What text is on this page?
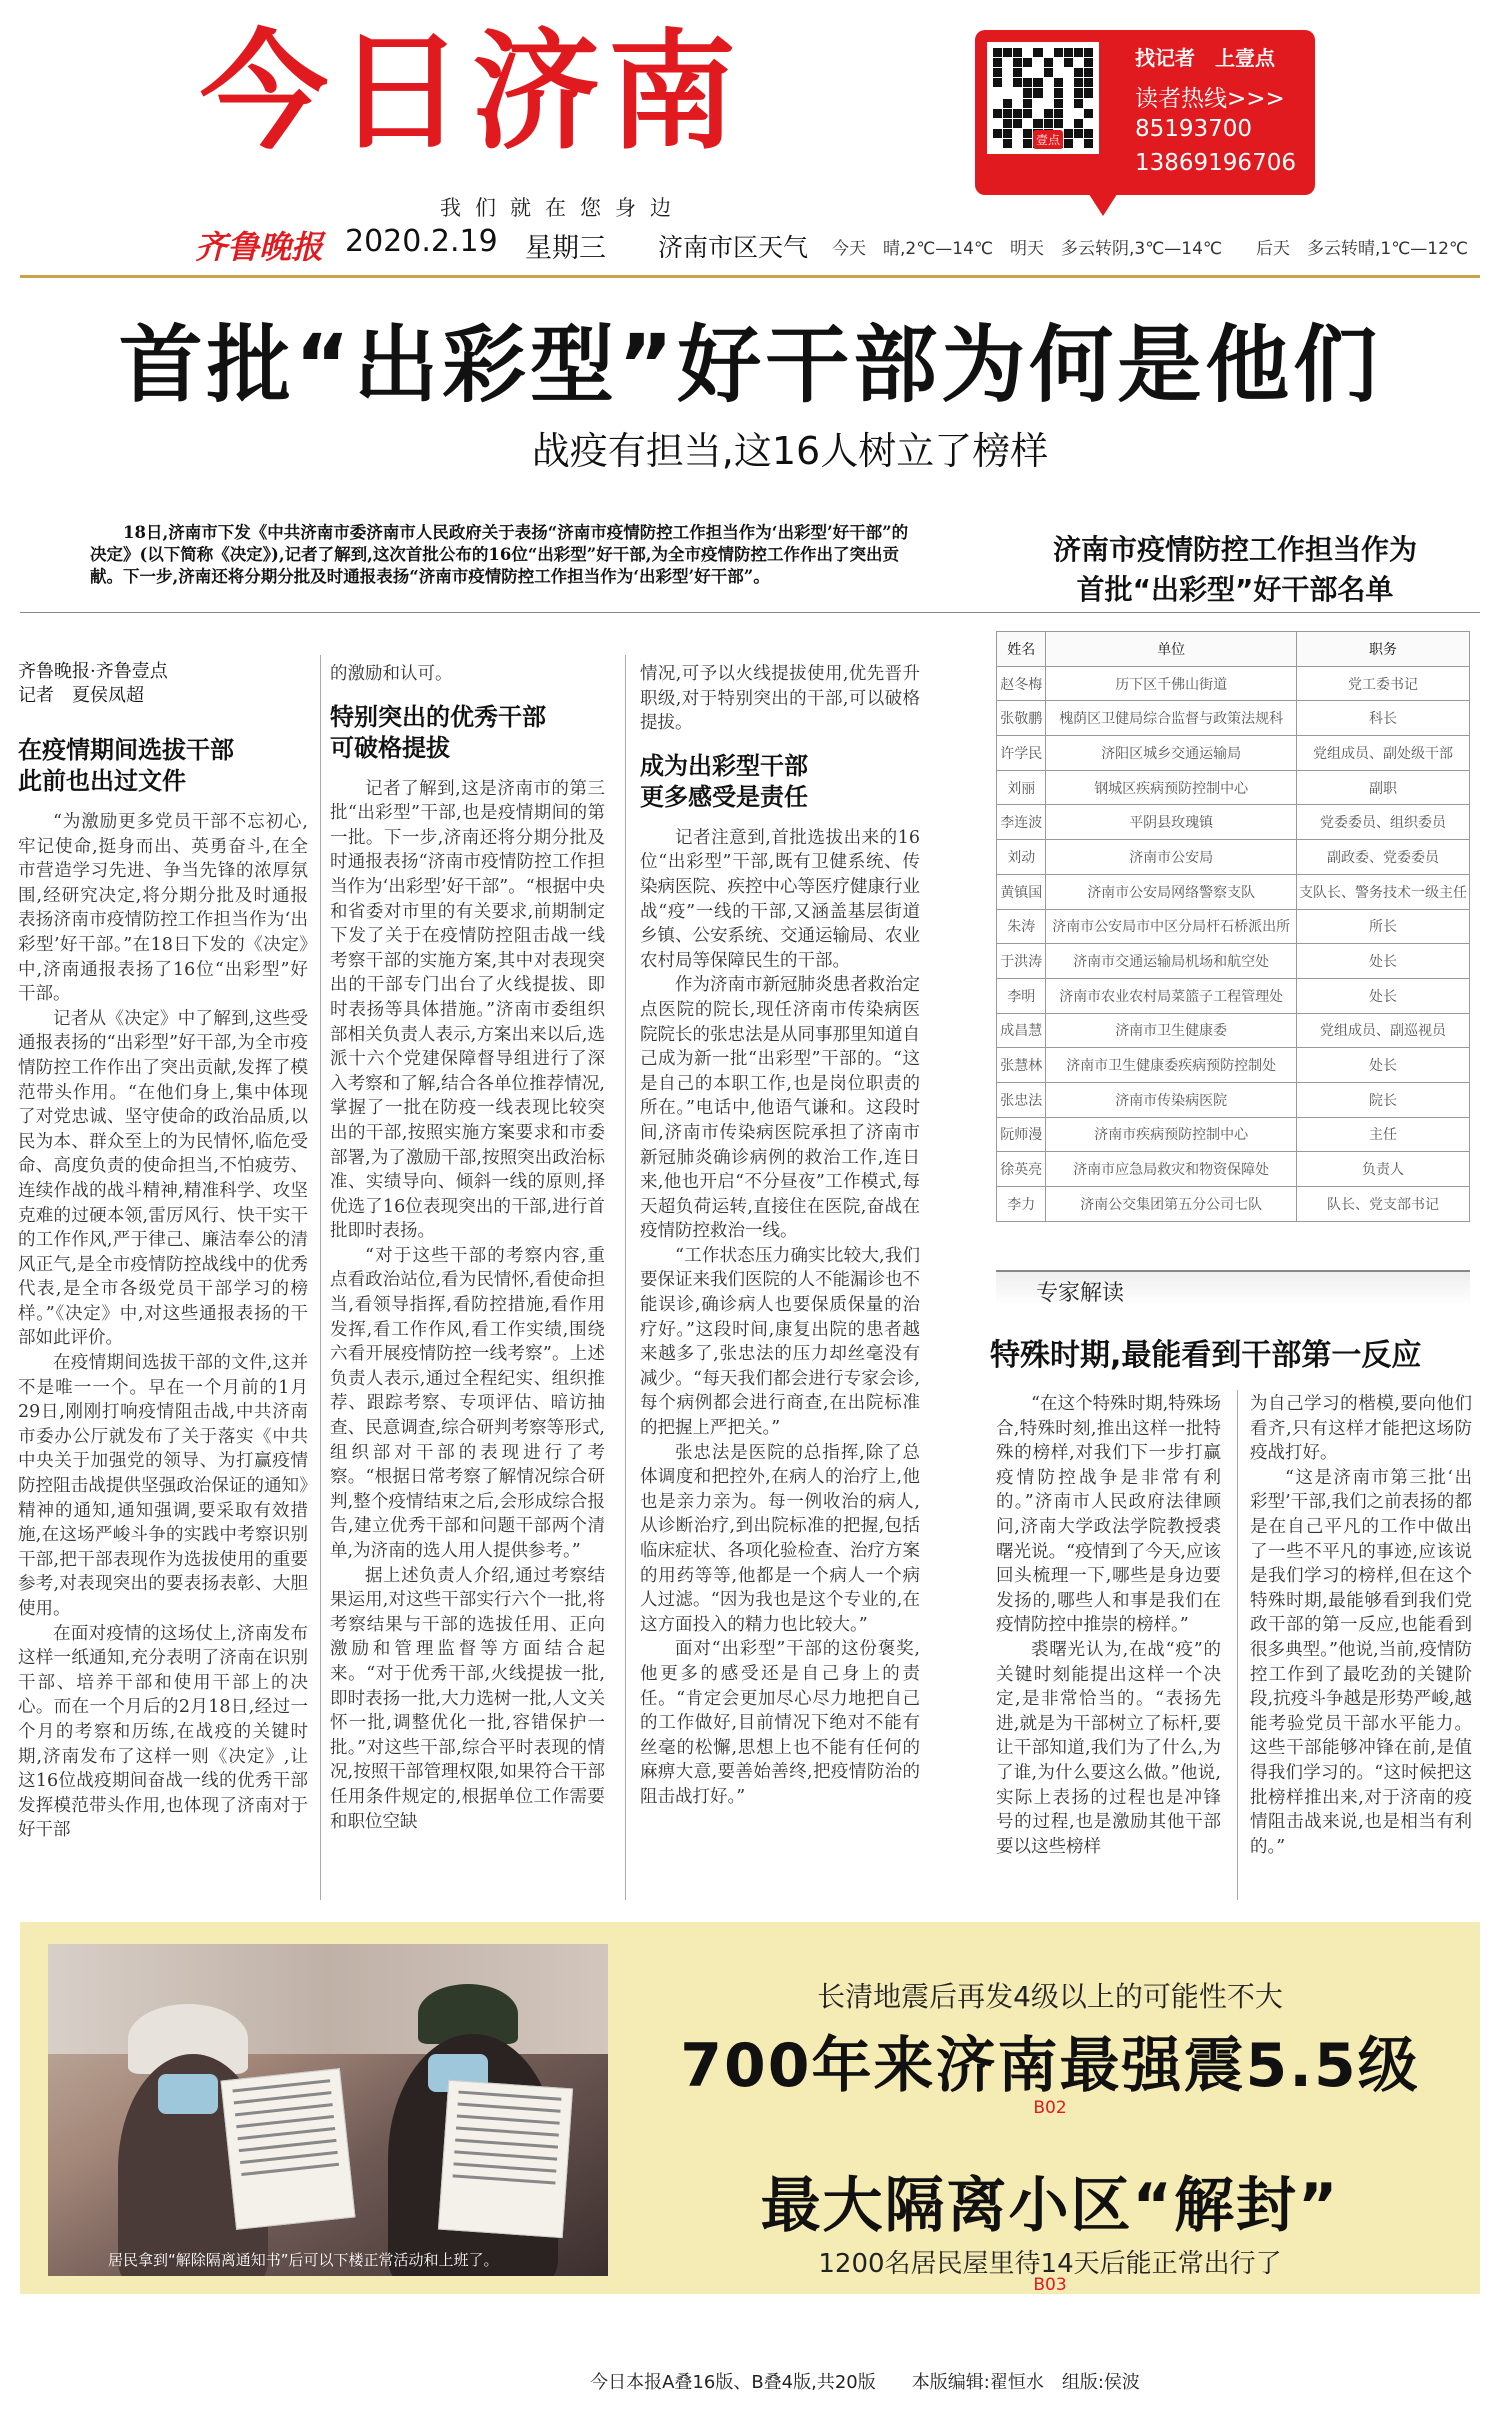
今日济南
我们就在您身边
找记者　上壹点
读者热线>>>
85193700
13869196706
壹点
齐鲁晚报 2020.2.19 星期三 济南市区天气 今天　晴,2℃—14℃ 明天　多云转阴,3℃—14℃ 后天　多云转晴,1℃—12℃
首批“出彩型”好干部为何是他们
战疫有担当,这16人树立了榜样
18日,济南市下发《中共济南市委济南市人民政府关于表扬“济南市疫情防控工作担当作为‘出彩型’好干部”的决定》(以下简称《决定》),记者了解到,这次首批公布的16位“出彩型”好干部,为全市疫情防控工作作出了突出贡献。下一步,济南还将分期分批及时通报表扬“济南市疫情防控工作担当作为‘出彩型’好干部”。
齐鲁晚报·齐鲁壹点
记者　夏侯凤超
在疫情期间选拔干部
此前也出过文件

“为激励更多党员干部不忘初心,牢记使命,挺身而出、英勇奋斗,在全市营造学习先进、争当先锋的浓厚氛围,经研究决定,将分期分批及时通报表扬济南市疫情防控工作担当作为‘出彩型’好干部。”在18日下发的《决定》中,济南通报表扬了16位“出彩型”好干部。

记者从《决定》中了解到,这些受通报表扬的“出彩型”好干部,为全市疫情防控工作作出了突出贡献,发挥了模范带头作用。“在他们身上,集中体现了对党忠诚、坚守使命的政治品质,以民为本、群众至上的为民情怀,临危受命、高度负责的使命担当,不怕疲劳、连续作战的战斗精神,精准科学、攻坚克难的过硬本领,雷厉风行、快干实干的工作作风,严于律己、廉洁奉公的清风正气,是全市疫情防控战线中的优秀代表,是全市各级党员干部学习的榜样。”《决定》中,对这些通报表扬的干部如此评价。

在疫情期间选拔干部的文件,这并不是唯一一个。早在一个月前的1月29日,刚刚打响疫情阻击战,中共济南市委办公厅就发布了关于落实《中共中央关于加强党的领导、为打赢疫情防控阻击战提供坚强政治保证的通知》精神的通知,通知强调,要采取有效措施,在这场严峻斗争的实践中考察识别干部,把干部表现作为选拔使用的重要参考,对表现突出的要表扬表彰、大胆使用。

在面对疫情的这场仗上,济南发布这样一纸通知,充分表明了济南在识别干部、培养干部和使用干部上的决心。而在一个月后的2月18日,经过一个月的考察和历练,在战疫的关键时期,济南发布了这样一则《决定》,让这16位战疫期间奋战一线的优秀干部发挥模范带头作用,也体现了济南对于好干部

的激励和认可。
特别突出的优秀干部
可破格提拔

记者了解到,这是济南市的第三批“出彩型”干部,也是疫情期间的第一批。下一步,济南还将分期分批及时通报表扬“济南市疫情防控工作担当作为‘出彩型’好干部”。“根据中央和省委对市里的有关要求,前期制定下发了关于在疫情防控阻击战一线考察干部的实施方案,其中对表现突出的干部专门出台了火线提拔、即时表扬等具体措施。”济南市委组织部相关负责人表示,方案出来以后,选派十六个党建保障督导组进行了深入考察和了解,结合各单位推荐情况,掌握了一批在防疫一线表现比较突出的干部,按照实施方案要求和市委部署,为了激励干部,按照突出政治标准、实绩导向、倾斜一线的原则,择优选了16位表现突出的干部,进行首批即时表扬。

“对于这些干部的考察内容,重点看政治站位,看为民情怀,看使命担当,看领导指挥,看防控措施,看作用发挥,看工作作风,看工作实绩,围绕六看开展疫情防控一线考察”。上述负责人表示,通过全程纪实、组织推荐、跟踪考察、专项评估、暗访抽查、民意调查,综合研判考察等形式,组织部对干部的表现进行了考察。“根据日常考察了解情况综合研判,整个疫情结束之后,会形成综合报告,建立优秀干部和问题干部两个清单,为济南的选人用人提供参考。”

据上述负责人介绍,通过考察结果运用,对这些干部实行六个一批,将考察结果与干部的选拔任用、正向激励和管理监督等方面结合起来。“对于优秀干部,火线提拔一批,即时表扬一批,大力选树一批,人文关怀一批,调整优化一批,容错保护一批。”对这些干部,综合平时表现的情况,按照干部管理权限,如果符合干部任用条件规定的,根据单位工作需要和职位空缺

情况,可予以火线提拔使用,优先晋升职级,对于特别突出的干部,可以破格提拔。
成为出彩型干部
更多感受是责任

记者注意到,首批选拔出来的16位“出彩型”干部,既有卫健系统、传染病医院、疾控中心等医疗健康行业战“疫”一线的干部,又涵盖基层街道乡镇、公安系统、交通运输局、农业农村局等保障民生的干部。

作为济南市新冠肺炎患者救治定点医院的院长,现任济南市传染病医院院长的张忠法是从同事那里知道自己成为新一批“出彩型”干部的。“这是自己的本职工作,也是岗位职责的所在。”电话中,他语气谦和。这段时间,济南市传染病医院承担了济南市新冠肺炎确诊病例的救治工作,连日来,他也开启“不分昼夜”工作模式,每天超负荷运转,直接住在医院,奋战在疫情防控救治一线。

“工作状态压力确实比较大,我们要保证来我们医院的人不能漏诊也不能误诊,确诊病人也要保质保量的治疗好。”这段时间,康复出院的患者越来越多了,张忠法的压力却丝毫没有减少。“每天我们都会进行专家会诊,每个病例都会进行商查,在出院标准的把握上严把关。”

张忠法是医院的总指挥,除了总体调度和把控外,在病人的治疗上,他也是亲力亲为。每一例收治的病人,从诊断治疗,到出院标准的把握,包括临床症状、各项化验检查、治疗方案的用药等等,他都是一个病人一个病人过滤。“因为我也是这个专业的,在这方面投入的精力也比较大。”

面对“出彩型”干部的这份褒奖,他更多的感受还是自己身上的责任。“肯定会更加尽心尽力地把自己的工作做好,目前情况下绝对不能有丝毫的松懈,思想上也不能有任何的麻痹大意,要善始善终,把疫情防治的阻击战打好。”

济南市疫情防控工作担当作为
首批“出彩型”好干部名单
姓名	单位	职务
赵冬梅	历下区千佛山街道	党工委书记
张敬鹏	槐荫区卫健局综合监督与政策法规科	科长
许学民	济阳区城乡交通运输局	党组成员、副处级干部
刘丽	钢城区疾病预防控制中心	副职
李连波	平阴县玫瑰镇	党委委员、组织委员
刘动	济南市公安局	副政委、党委委员
黄镇国	济南市公安局网络警察支队	支队长、警务技术一级主任
朱涛	济南市公安局市中区分局杆石桥派出所	所长
于洪涛	济南市交通运输局机场和航空处	处长
李明	济南市农业农村局菜篮子工程管理处	处长
成昌慧	济南市卫生健康委	党组成员、副巡视员
张慧林	济南市卫生健康委疾病预防控制处	处长
张忠法	济南市传染病医院	院长
阮师漫	济南市疾病预防控制中心	主任
徐英亮	济南市应急局救灾和物资保障处	负责人
李力	济南公交集团第五分公司七队	队长、党支部书记
专家解读
特殊时期,最能看到干部第一反应

“在这个特殊时期,特殊场合,特殊时刻,推出这样一批特殊的榜样,对我们下一步打赢疫情防控战争是非常有利的。”济南市人民政府法律顾问,济南大学政法学院教授裘曙光说。“疫情到了今天,应该回头梳理一下,哪些是身边要发扬的,哪些人和事是我们在疫情防控中推崇的榜样。”

裘曙光认为,在战“疫”的关键时刻能提出这样一个决定,是非常恰当的。“表扬先进,就是为干部树立了标杆,要让干部知道,我们为了什么,为了谁,为什么要这么做。”他说,实际上表扬的过程也是冲锋号的过程,也是激励其他干部要以这些榜样

为自己学习的楷模,要向他们看齐,只有这样才能把这场防疫战打好。

“这是济南市第三批‘出彩型’干部,我们之前表扬的都是在自己平凡的工作中做出了一些不平凡的事迹,应该说是我们学习的榜样,但在这个特殊时期,最能够看到我们党政干部的第一反应,也能看到很多典型。”他说,当前,疫情防控工作到了最吃劲的关键阶段,抗疫斗争越是形势严峻,越能考验党员干部水平能力。这些干部能够冲锋在前,是值得我们学习的。“这时候把这批榜样推出来,对于济南的疫情阻击战来说,也是相当有利的。”

居民拿到“解除隔离通知书”后可以下楼正常活动和上班了。
长清地震后再发4级以上的可能性不大
700年来济南最强震5.5级
B02
最大隔离小区“解封”
1200名居民屋里待14天后能正常出行了
B03
今日本报A叠16版、B叠4版,共20版　　本版编辑:翟恒水　组版:侯波
